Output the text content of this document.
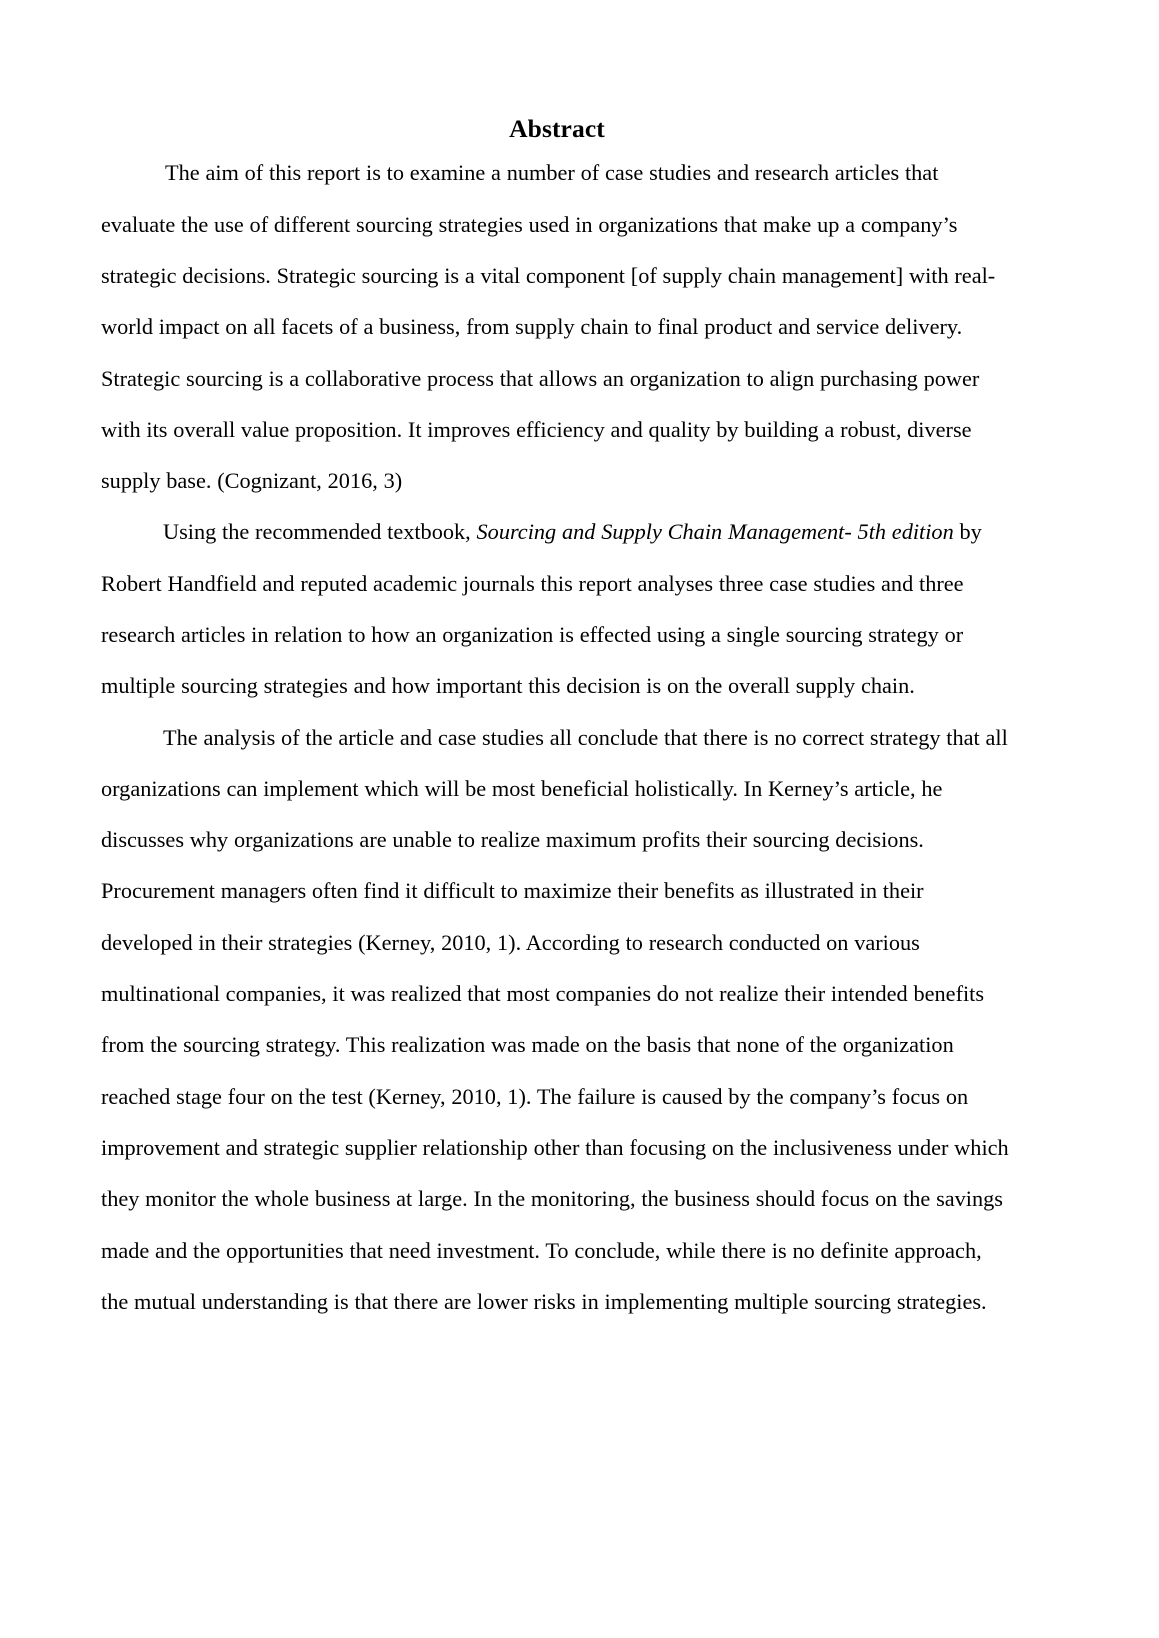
Abstract

The aim of this report is to examine a number of case studies and research articles that evaluate the use of different sourcing strategies used in organizations that make up a company’s strategic decisions. Strategic sourcing is a vital component [of supply chain management] with real-world impact on all facets of a business, from supply chain to final product and service delivery. Strategic sourcing is a collaborative process that allows an organization to align purchasing power with its overall value proposition. It improves efficiency and quality by building a robust, diverse supply base. (Cognizant, 2016, 3)

Using the recommended textbook, Sourcing and Supply Chain Management- 5th edition by Robert Handfield and reputed academic journals this report analyses three case studies and three research articles in relation to how an organization is effected using a single sourcing strategy or multiple sourcing strategies and how important this decision is on the overall supply chain.

The analysis of the article and case studies all conclude that there is no correct strategy that all organizations can implement which will be most beneficial holistically. In Kerney’s article, he discusses why organizations are unable to realize maximum profits their sourcing decisions. Procurement managers often find it difficult to maximize their benefits as illustrated in their developed in their strategies (Kerney, 2010, 1). According to research conducted on various multinational companies, it was realized that most companies do not realize their intended benefits from the sourcing strategy. This realization was made on the basis that none of the organization reached stage four on the test (Kerney, 2010, 1). The failure is caused by the company’s focus on improvement and strategic supplier relationship other than focusing on the inclusiveness under which they monitor the whole business at large. In the monitoring, the business should focus on the savings made and the opportunities that need investment. To conclude, while there is no definite approach, the mutual understanding is that there are lower risks in implementing multiple sourcing strategies.
